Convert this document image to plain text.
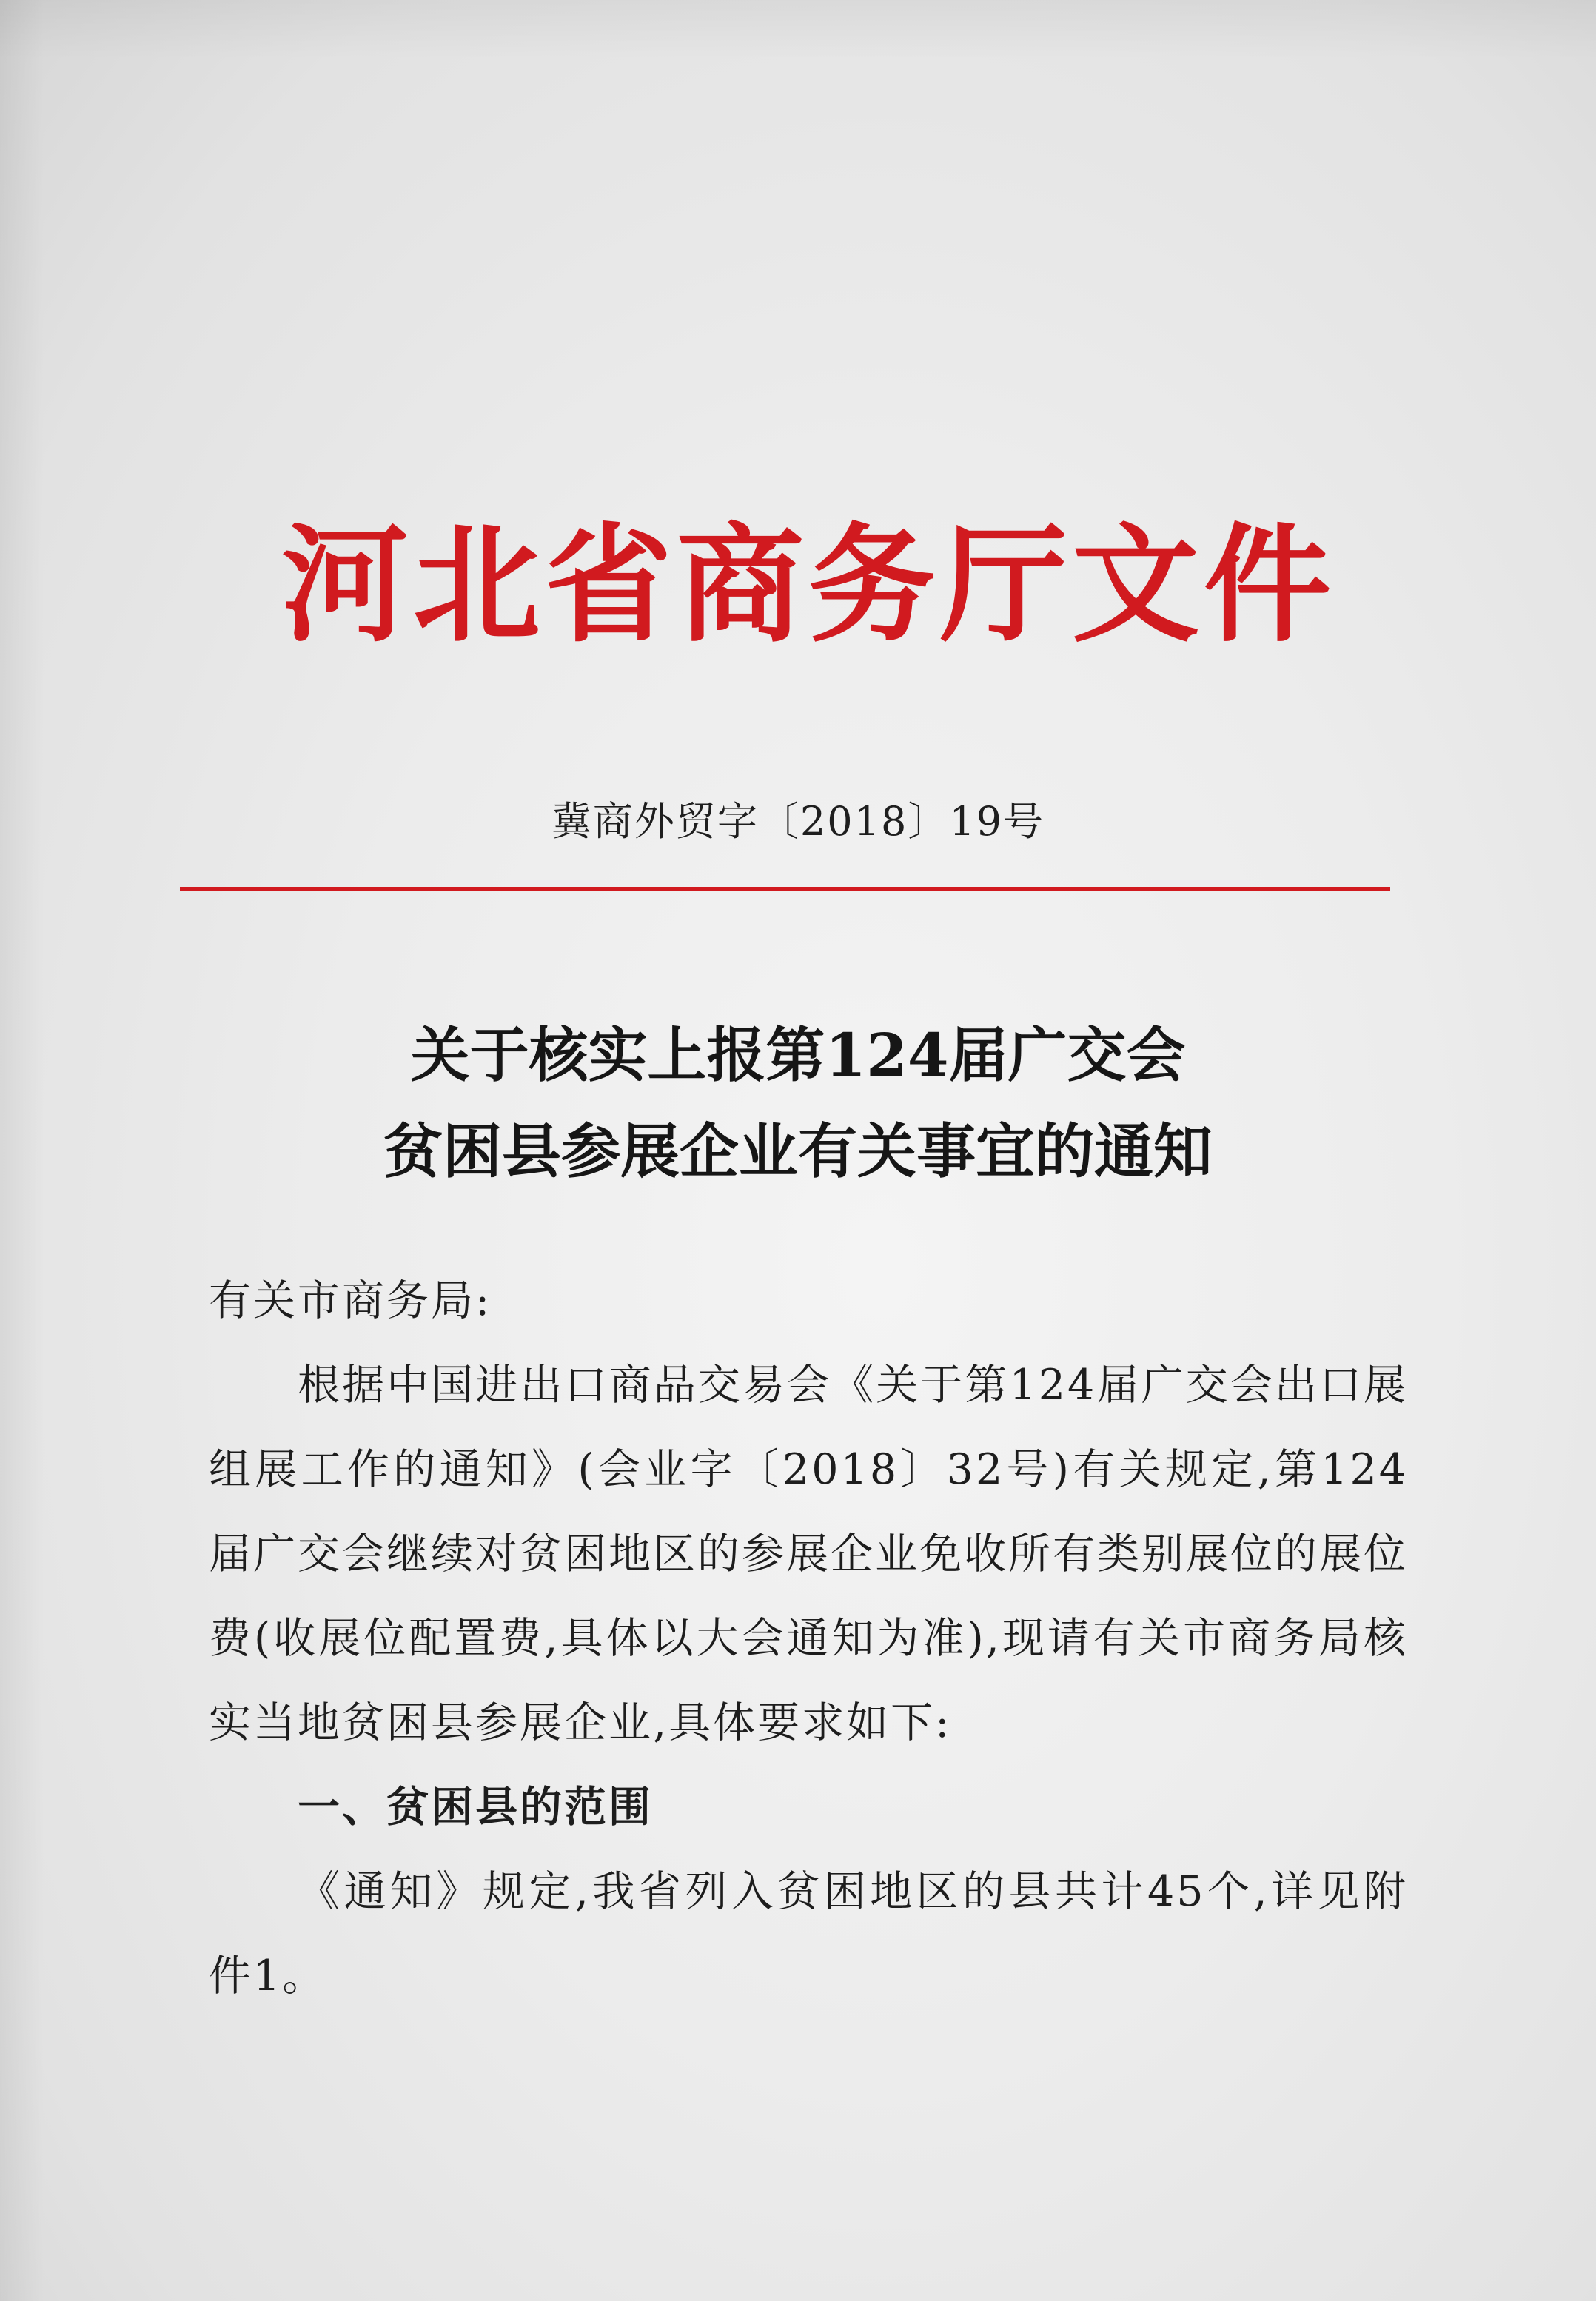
河北省商务厅文件
冀商外贸字〔2018〕19号
关于核实上报第124届广交会
贫困县参展企业有关事宜的通知

有关市商务局:

根据中国进出口商品交易会《关于第124届广交会出口展组展工作的通知》(会业字〔2018〕32号)有关规定,第124届广交会继续对贫困地区的参展企业免收所有类别展位的展位费(收展位配置费,具体以大会通知为准),现请有关市商务局核实当地贫困县参展企业,具体要求如下:

一、贫困县的范围

《通知》规定,我省列入贫困地区的县共计45个,详见附件1。
